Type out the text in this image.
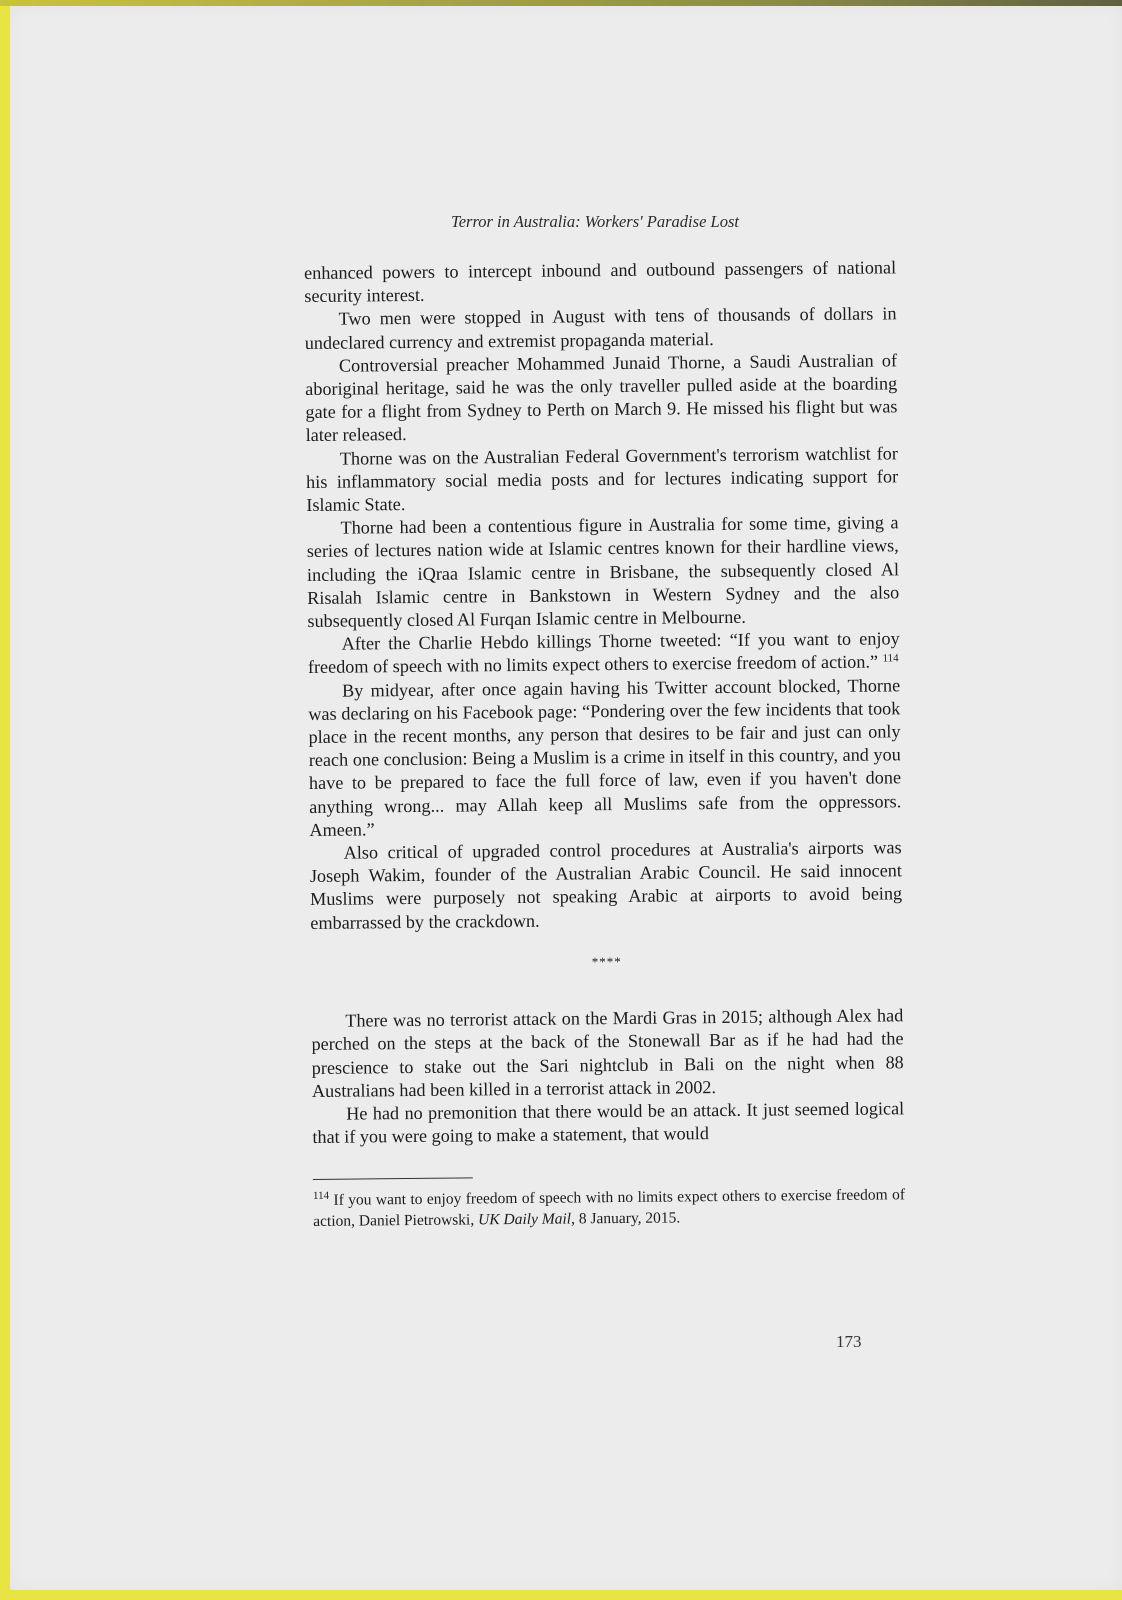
Terror in Australia: Workers' Paradise Lost

enhanced powers to intercept inbound and outbound passengers of national security interest.

Two men were stopped in August with tens of thousands of dollars in undeclared currency and extremist propaganda material.

Controversial preacher Mohammed Junaid Thorne, a Saudi Australian of aboriginal heritage, said he was the only traveller pulled aside at the boarding gate for a flight from Sydney to Perth on March 9. He missed his flight but was later released.

Thorne was on the Australian Federal Government's terrorism watchlist for his inflammatory social media posts and for lectures indicating support for Islamic State.

Thorne had been a contentious figure in Australia for some time, giving a series of lectures nation wide at Islamic centres known for their hardline views, including the iQraa Islamic centre in Brisbane, the subsequently closed Al Risalah Islamic centre in Bankstown in Western Sydney and the also subsequently closed Al Furqan Islamic centre in Melbourne.

After the Charlie Hebdo killings Thorne tweeted: “If you want to enjoy freedom of speech with no limits expect others to exercise freedom of action.” $^{114}$

By midyear, after once again having his Twitter account blocked, Thorne was declaring on his Facebook page: “Pondering over the few incidents that took place in the recent months, any person that desires to be fair and just can only reach one conclusion: Being a Muslim is a crime in itself in this country, and you have to be prepared to face the full force of law, even if you haven't done anything wrong... may Allah keep all Muslims safe from the oppressors. Ameen.”

Also critical of upgraded control procedures at Australia's airports was Joseph Wakim, founder of the Australian Arabic Council. He said innocent Muslims were purposely not speaking Arabic at airports to avoid being embarrassed by the crackdown.

****

There was no terrorist attack on the Mardi Gras in 2015; although Alex had perched on the steps at the back of the Stonewall Bar as if he had had the prescience to stake out the Sari nightclub in Bali on the night when 88 Australians had been killed in a terrorist attack in 2002.

He had no premonition that there would be an attack. It just seemed logical that if you were going to make a statement, that would

$^{114}$ If you want to enjoy freedom of speech with no limits expect others to exercise freedom of action, Daniel Pietrowski, UK Daily Mail, 8 January, 2015.

173
